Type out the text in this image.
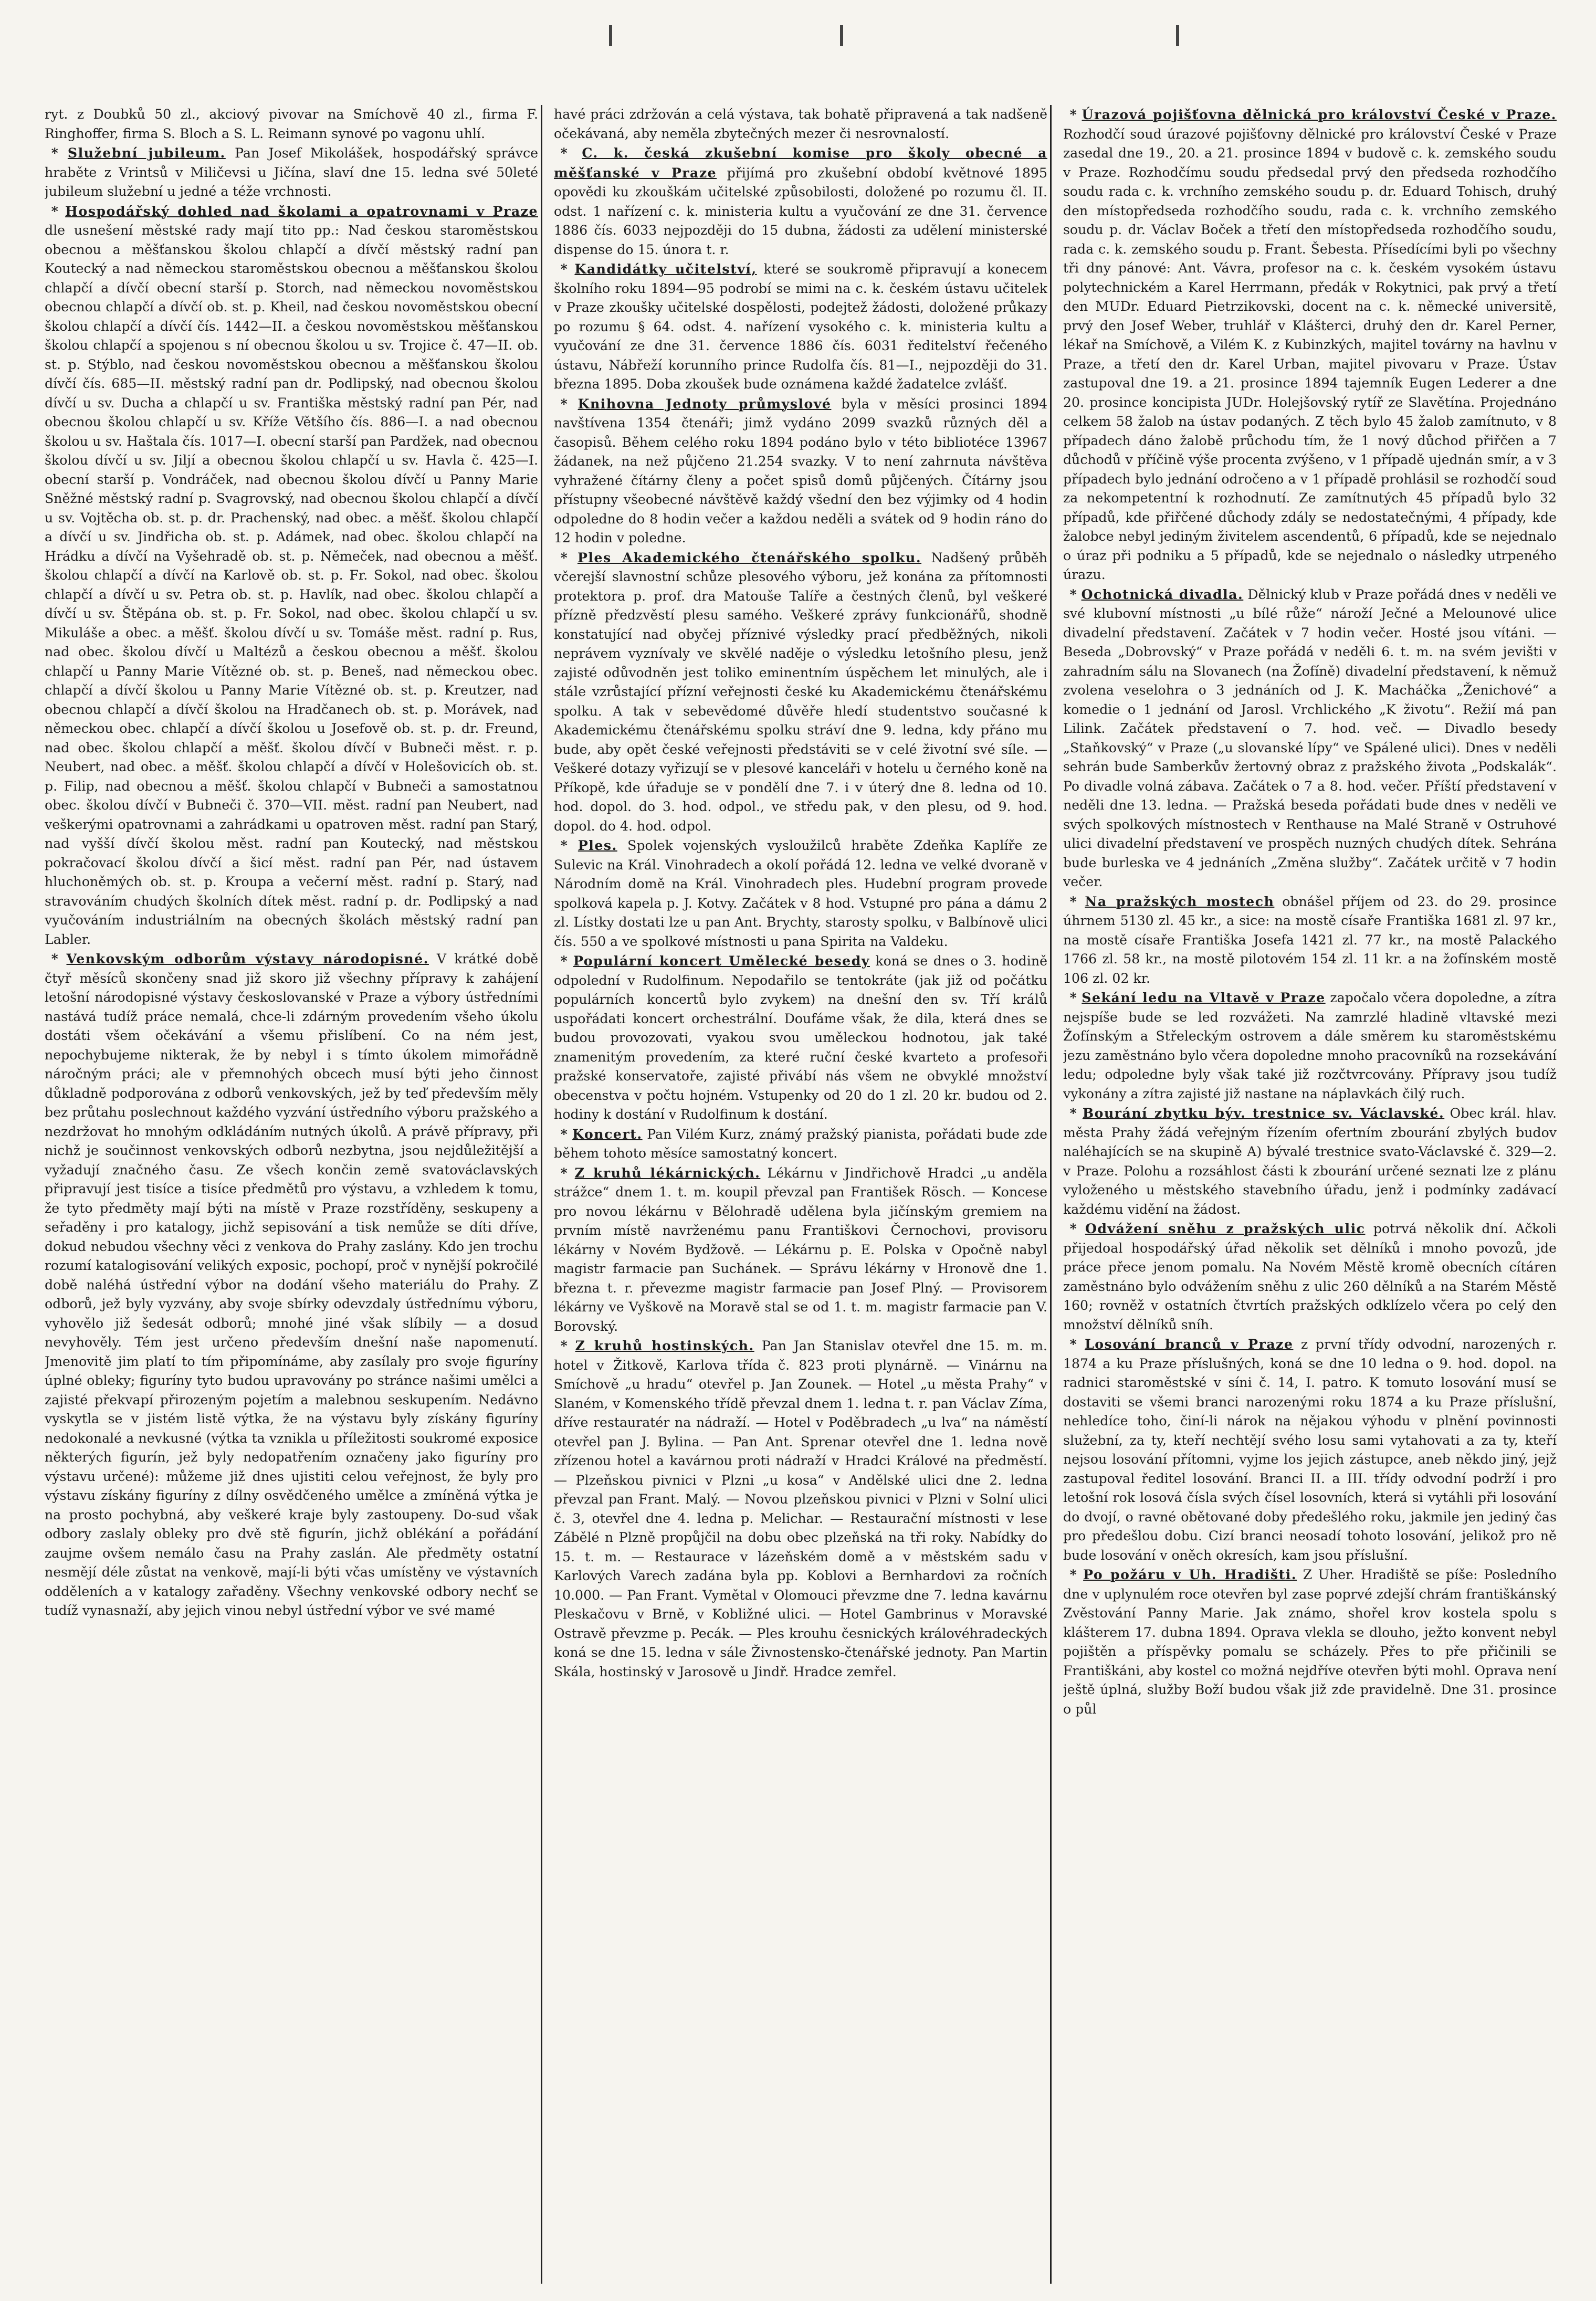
ryt. z Doubků 50 zl., akciový pivovar na Smíchově 40 zl., firma F. Ringhoffer, firma S. Bloch a S. L. Reimann synové po vagonu uhlí.

 * Služební jubileum. Pan Josef Mikolášek, hospodářský správce hraběte z Vrintsů v Miličevsi u Jičína, slaví dne 15. ledna své 50leté jubileum služební u jedné a téže vrchnosti.

 * Hospodářský dohled nad školami a opatrovnami v Praze dle usnešení městské rady mají tito pp.: Nad českou staroměstskou obecnou a měšťanskou školou chlapčí a dívčí městský radní pan Koutecký a nad německou staroměstskou obecnou a měšťanskou školou chlapčí a dívčí obecní starší p. Storch, nad německou novoměstskou obecnou chlapčí a dívčí ob. st. p. Kheil, nad českou novoměstskou obecní školou chlapčí a dívčí čís. 1442—II. a českou novoměstskou měšťanskou školou chlapčí a spojenou s ní obecnou školou u sv. Trojice č. 47—II. ob. st. p. Stýblo, nad českou novoměstskou obecnou a měšťanskou školou dívčí čís. 685—II. městský radní pan dr. Podlipský, nad obecnou školou dívčí u sv. Ducha a chlapčí u sv. Františka městský radní pan Pér, nad obecnou školou chlapčí u sv. Kříže Většího čís. 886—I. a nad obecnou školou u sv. Haštala čís. 1017—I. obecní starší pan Pardžek, nad obecnou školou dívčí u sv. Jiljí a obecnou školou chlapčí u sv. Havla č. 425—I. obecní starší p. Vondráček, nad obecnou školou dívčí u Panny Marie Sněžné městský radní p. Svagrovský, nad obecnou školou chlapčí a dívčí u sv. Vojtěcha ob. st. p. dr. Prachenský, nad obec. a měšť. školou chlapčí a dívčí u sv. Jindřicha ob. st. p. Adámek, nad obec. školou chlapčí na Hrádku a dívčí na Vyšehradě ob. st. p. Němeček, nad obecnou a měšť. školou chlapčí a dívčí na Karlově ob. st. p. Fr. Sokol, nad obec. školou chlapčí a dívčí u sv. Petra ob. st. p. Havlík, nad obec. školou chlapčí a dívčí u sv. Štěpána ob. st. p. Fr. Sokol, nad obec. školou chlapčí u sv. Mikuláše a obec. a měšť. školou dívčí u sv. Tomáše měst. radní p. Rus, nad obec. školou dívčí u Maltézů a českou obecnou a měšť. školou chlapčí u Panny Marie Vítězné ob. st. p. Beneš, nad německou obec. chlapčí a dívčí školou u Panny Marie Vítězné ob. st. p. Kreutzer, nad obecnou chlapčí a dívčí školou na Hradčanech ob. st. p. Morávek, nad německou obec. chlapčí a dívčí školou u Josefově ob. st. p. dr. Freund, nad obec. školou chlapčí a měšť. školou dívčí v Bubneči měst. r. p. Neubert, nad obec. a měšť. školou chlapčí a dívčí v Holešovicích ob. st. p. Filip, nad obecnou a měšť. školou chlapčí v Bubneči a samostatnou obec. školou dívčí v Bubneči č. 370—VII. měst. radní pan Neubert, nad veškerými opatrovnami a zahrádkami u opatroven měst. radní pan Starý, nad vyšší dívčí školou měst. radní pan Koutecký, nad městskou pokračovací školou dívčí a šicí měst. radní pan Pér, nad ústavem hluchoněmých ob. st. p. Kroupa a večerní měst. radní p. Starý, nad stravováním chudých školních dítek měst. radní p. dr. Podlipský a nad vyučováním industriálním na obecných školách městský radní pan Labler.

 * Venkovským odborům výstavy národopisné. V krátké době čtyř měsíců skončeny snad již skoro již všechny přípravy k zahájení letošní národopisné výstavy českoslovanské v Praze a výbory ústředními nastává tudíž práce nemalá, chce-li zdárným provedením všeho úkolu dostáti všem očekávání a všemu přislíbení. Co na ném jest, nepochybujeme nikterak, že by nebyl i s tímto úkolem mimořádně náročným práci; ale v přemnohých obcech musí býti jeho činnost důkladně podporována z odborů venkovských, jež by teď především měly bez průtahu poslechnout každého vyzvání ústředního výboru pražského a nezdržovat ho mnohým odkládáním nutných úkolů. A právě přípravy, při nichž je součinnost venkovských odborů nezbytna, jsou nejdůležitější a vyžadují značného času. Ze všech končin země svatováclavských připravují jest tisíce a tisíce předmětů pro výstavu, a vzhledem k tomu, že tyto předměty mají býti na místě v Praze rozstříděny, seskupeny a seřaděny i pro katalogy, jichž sepisování a tisk nemůže se díti dříve, dokud nebudou všechny věci z venkova do Prahy zaslány. Kdo jen trochu rozumí katalogisování velikých exposic, pochopí, proč v nynější pokročilé době naléhá ústřední výbor na dodání všeho materiálu do Prahy. Z odborů, jež byly vyzvány, aby svoje sbírky odevzdaly ústřednímu výboru, vyhovělo již šedesát odborů; mnohé jiné však slíbily — a dosud nevyhověly. Tém jest určeno především dnešní naše napomenutí. Jmenovitě jim platí to tím připomínáme, aby zasílaly pro svoje figuríny úplné obleky; figuríny tyto budou upravovány po stránce našimi umělci a zajisté překvapí přirozeným pojetím a malebnou seskupením. Nedávno vyskytla se v jistém listě výtka, že na výstavu byly získány figuríny nedokonalé a nevkusné (výtka ta vznikla u příležitosti soukromé exposice některých figurín, jež byly nedopatřením označeny jako figuríny pro výstavu určené): můžeme již dnes ujistiti celou veřejnost, že byly pro výstavu získány figuríny z dílny osvědčeného umělce a zmíněná výtka je na prosto pochybná, aby veškeré kraje byly zastoupeny. Do-sud však odbory zaslaly obleky pro dvě stě figurín, jichž oblékání a pořádání zaujme ovšem nemálo času na Prahy zaslán. Ale předměty ostatní nesmějí déle zůstat na venkově, mají-li býti včas umístěny ve výstavních odděleních a v katalogy zařaděny. Všechny venkovské odbory nechť se tudíž vynasnaží, aby jejich vinou nebyl ústřední výbor ve své mamé

havé práci zdržován a celá výstava, tak bohatě připravená a tak nadšeně očekávaná, aby neměla zbytečných mezer či nesrovnalostí.

 * C. k. česká zkušební komise pro školy obecné a měšťanské v Praze přijímá pro zkušební období květnové 1895 opovědi ku zkouškám učitelské způsobilosti, doložené po rozumu čl. II. odst. 1 nařízení c. k. ministeria kultu a vyučování ze dne 31. července 1886 čís. 6033 nejpozději do 15 dubna, žádosti za udělení ministerské dispense do 15. února t. r.

 * Kandidátky učitelství, které se soukromě připravují a konecem školního roku 1894—95 podrobí se mimi na c. k. českém ústavu učitelek v Praze zkoušky učitelské dospělosti, podejtež žádosti, doložené průkazy po rozumu § 64. odst. 4. nařízení vysokého c. k. ministeria kultu a vyučování ze dne 31. července 1886 čís. 6031 ředitelství řečeného ústavu, Nábřeží korunního prince Rudolfa čís. 81—I., nejpozději do 31. března 1895. Doba zkoušek bude oznámena každé žadatelce zvlášť.

 * Knihovna Jednoty průmyslové byla v měsíci prosinci 1894 navštívena 1354 čtenáři; jimž vydáno 2099 svazků různých děl a časopisů. Během celého roku 1894 podáno bylo v této bibliotéce 13967 žádanek, na než půjčeno 21.254 svazky. V to není zahrnuta návštěva vyhražené čítárny členy a počet spisů domů půjčených. Čítárny jsou přístupny všeobecné návštěvě každý všední den bez výjimky od 4 hodin odpoledne do 8 hodin večer a každou neděli a svátek od 9 hodin ráno do 12 hodin v poledne.

 * Ples Akademického čtenářského spolku. Nadšený průběh včerejší slavnostní schůze plesového výboru, jež konána za přítomnosti protektora p. prof. dra Matouše Talíře a čestných členů, byl veškeré přízně předzvěstí plesu samého. Veškeré zprávy funkcionářů, shodně konstatující nad obyčej příznivé výsledky prací předběžných, nikoli neprávem vyznívaly ve skvělé naděje o výsledku letošního plesu, jenž zajisté odůvodněn jest toliko eminentním úspěchem let minulých, ale i stále vzrůstající přízní veřejnosti české ku Akademickému čtenářskému spolku. A tak v sebevědomé důvěře hledí studentstvo současné k Akademickému čtenářskému spolku stráví dne 9. ledna, kdy přáno mu bude, aby opět české veřejnosti předstáviti se v celé životní své síle. — Veškeré dotazy vyřizují se v plesové kanceláři v hotelu u černého koně na Příkopě, kde úřaduje se v pondělí dne 7. i v úterý dne 8. ledna od 10. hod. dopol. do 3. hod. odpol., ve středu pak, v den plesu, od 9. hod. dopol. do 4. hod. odpol.

 * Ples. Spolek vojenských vysloužilců hraběte Zdeňka Kaplíře ze Sulevic na Král. Vinohradech a okolí pořádá 12. ledna ve velké dvoraně v Národním domě na Král. Vinohradech ples. Hudební program provede spolková kapela p. J. Kotvy. Začátek v 8 hod. Vstupné pro pána a dámu 2 zl. Lístky dostati lze u pan Ant. Brychty, starosty spolku, v Balbínově ulici čís. 550 a ve spolkové místnosti u pana Spirita na Valdeku.

 * Populární koncert Umělecké besedy koná se dnes o 3. hodině odpolední v Rudolfinum. Nepodařilo se tentokráte (jak již od počátku populárních koncertů bylo zvykem) na dnešní den sv. Tří králů uspořádati koncert orchestrální. Doufáme však, že dila, která dnes se budou provozovati, vyakou svou uměleckou hodnotou, jak také znamenitým provedením, za které ruční české kvarteto a profesoři pražské konservatoře, zajisté přivábí nás všem ne obvyklé množství obecenstva v počtu hojném. Vstupenky od 20 do 1 zl. 20 kr. budou od 2. hodiny k dostání v Rudolfinum k dostání.

 * Koncert. Pan Vilém Kurz, známý pražský pianista, pořádati bude zde během tohoto měsíce samostatný koncert.

 * Z kruhů lékárnických. Lékárnu v Jindřichově Hradci „u anděla strážce“ dnem 1. t. m. koupil převzal pan František Rösch. — Koncese pro novou lékárnu v Bělohradě udělena byla jičínským gremiem na prvním místě navrženému panu Františkovi Černochovi, provisoru lékárny v Novém Bydžově. — Lékárnu p. E. Polska v Opočně nabyl magistr farmacie pan Suchánek. — Správu lékárny v Hronově dne 1. března t. r. převezme magistr farmacie pan Josef Plný. — Provisorem lékárny ve Vyškově na Moravě stal se od 1. t. m. magistr farmacie pan V. Borovský.

 * Z kruhů hostinských. Pan Jan Stanislav otevřel dne 15. m. m. hotel v Žitkově, Karlova třída č. 823 proti plynárně. — Vinárnu na Smíchově „u hradu“ otevřel p. Jan Zounek. — Hotel „u města Prahy“ v Slaném, v Komenského třídě převzal dnem 1. ledna t. r. pan Václav Zíma, dříve restauratér na nádraží. — Hotel v Poděbradech „u lva“ na náměstí otevřel pan J. Bylina. — Pan Ant. Sprenar otevřel dne 1. ledna nově zřízenou hotel a kavárnou proti nádraží v Hradci Králové na předměstí. — Plzeňskou pivnici v Plzni „u kosa“ v Andělské ulici dne 2. ledna převzal pan Frant. Malý. — Novou plzeňskou pivnici v Plzni v Solní ulici č. 3, otevřel dne 4. ledna p. Melichar. — Restaurační místnosti v lese Zábělé n Plzně propůjčil na dobu obec plzeňská na tři roky. Nabídky do 15. t. m. — Restaurace v lázeňském domě a v městském sadu v Karlových Varech zadána byla pp. Koblovi a Bernhardovi za ročních 10.000. — Pan Frant. Vymětal v Olomouci převzme dne 7. ledna kavárnu Pleskačovu v Brně, v Kobližné ulici. — Hotel Gambrinus v Moravské Ostravě převzme p. Pecák. — Ples krouhu česnických královéhradeckých koná se dne 15. ledna v sále Živnostensko-čtenářské jednoty. Pan Martin Skála, hostinský v Jarosově u Jindř. Hradce zemřel.

 * Úrazová pojišťovna dělnická pro království České v Praze. Rozhodčí soud úrazové pojišťovny dělnické pro království České v Praze zasedal dne 19., 20. a 21. prosince 1894 v budově c. k. zemského soudu v Praze. Rozhodčímu soudu předsedal prvý den předseda rozhodčího soudu rada c. k. vrchního zemského soudu p. dr. Eduard Tohisch, druhý den místopředseda rozhodčího soudu, rada c. k. vrchního zemského soudu p. dr. Václav Boček a třetí den místopředseda rozhodčího soudu, rada c. k. zemského soudu p. Frant. Šebesta. Přísedícími byli po všechny tři dny pánové: Ant. Vávra, profesor na c. k. českém vysokém ústavu polytechnickém a Karel Herrmann, předák v Rokytnici, pak prvý a třetí den MUDr. Eduard Pietrzikovski, docent na c. k. německé universitě, prvý den Josef Weber, truhlář v Klášterci, druhý den dr. Karel Perner, lékař na Smíchově, a Vilém K. z Kubinzkých, majitel továrny na havlnu v Praze, a třetí den dr. Karel Urban, majitel pivovaru v Praze. Ústav zastupoval dne 19. a 21. prosince 1894 tajemník Eugen Lederer a dne 20. prosince koncipista JUDr. Holejšovský rytíř ze Slavětína. Projednáno celkem 58 žalob na ústav podaných. Z těch bylo 45 žalob zamítnuto, v 8 případech dáno žalobě průchodu tím, že 1 nový důchod přiřčen a 7 důchodů v příčině výše procenta zvýšeno, v 1 případě ujednán smír, a v 3 případech bylo jednání odročeno a v 1 případě prohlásil se rozhodčí soud za nekompetentní k rozhodnutí. Ze zamítnutých 45 případů bylo 32 případů, kde přiřčené důchody zdály se nedostatečnými, 4 případy, kde žalobce nebyl jediným živitelem ascendentů, 6 případů, kde se nejednalo o úraz při podniku a 5 případů, kde se nejednalo o následky utrpeného úrazu.

 * Ochotnická divadla. Dělnický klub v Praze pořádá dnes v neděli ve své klubovní místnosti „u bílé růže“ nároží Ječné a Melounové ulice divadelní představení. Začátek v 7 hodin večer. Hosté jsou vítáni. — Beseda „Dobrovský“ v Praze pořádá v neděli 6. t. m. na svém jevišti v zahradním sálu na Slovanech (na Žofíně) divadelní představení, k němuž zvolena veselohra o 3 jednáních od J. K. Macháčka „Ženichové“ a komedie o 1 jednání od Jarosl. Vrchlického „K životu“. Režií má pan Lilink. Začátek představení o 7. hod. več. — Divadlo besedy „Staňkovský“ v Praze („u slovanské lípy“ ve Spálené ulici). Dnes v neděli sehrán bude Samberkův žertovný obraz z pražského života „Podskalák“. Po divadle volná zábava. Začátek o 7 a 8. hod. večer. Příští představení v neděli dne 13. ledna. — Pražská beseda pořádati bude dnes v neděli ve svých spolkových místnostech v Renthause na Malé Straně v Ostruhové ulici divadelní představení ve prospěch nuzných chudých dítek. Sehrána bude burleska ve 4 jednáních „Změna služby“. Začátek určitě v 7 hodin večer.

 * Na pražských mostech obnášel příjem od 23. do 29. prosince úhrnem 5130 zl. 45 kr., a sice: na mostě císaře Františka 1681 zl. 97 kr., na mostě císaře Františka Josefa 1421 zl. 77 kr., na mostě Palackého 1766 zl. 58 kr., na mostě pilotovém 154 zl. 11 kr. a na žofínském mostě 106 zl. 02 kr.

 * Sekání ledu na Vltavě v Praze započalo včera dopoledne, a zítra nejspíše bude se led rozvážeti. Na zamrzlé hladině vltavské mezi Žofínským a Střeleckým ostrovem a dále směrem ku staroměstskému jezu zaměstnáno bylo včera dopoledne mnoho pracovníků na rozsekávání ledu; odpoledne byly však také již rozčtvrcovány. Přípravy jsou tudíž vykonány a zítra zajisté již nastane na náplavkách čilý ruch.

 * Bourání zbytku býv. trestnice sv. Václavské. Obec král. hlav. města Prahy žádá veřejným řízením ofertním zbourání zbylých budov naléhajících se na skupině A) bývalé trestnice svato-Václavské č. 329—2. v Praze. Polohu a rozsáhlost části k zbourání určené seznati lze z plánu vyloženého u městského stavebního úřadu, jenž i podmínky zadávací každému vidění na žádost.

 * Odvážení sněhu z pražských ulic potrvá několik dní. Ačkoli přijedoal hospodářský úřad několik set dělníků i mnoho povozů, jde práce přece jenom pomalu. Na Novém Městě kromě obecních cítáren zaměstnáno bylo odvážením sněhu z ulic 260 dělníků a na Starém Městě 160; rovněž v ostatních čtvrtích pražských odklízelo včera po celý den množství dělníků sníh.

 * Losování branců v Praze z první třídy odvodní, narozených r. 1874 a ku Praze příslušných, koná se dne 10 ledna o 9. hod. dopol. na radnici staroměstské v síni č. 14, I. patro. K tomuto losování musí se dostaviti se všemi branci narozenými roku 1874 a ku Praze příslušní, nehledíce toho, činí-li nárok na nějakou výhodu v plnění povinnosti služební, za ty, kteří nechtějí svého losu sami vytahovati a za ty, kteří nejsou losování přítomni, vyjme los jejich zástupce, aneb někdo jiný, jejž zastupoval ředitel losování. Branci II. a III. třídy odvodní podrží i pro letošní rok losová čísla svých čísel losovních, která si vytáhli při losování do dvojí, o ravné obětované doby předešlého roku, jakmile jen jediný čas pro předešlou dobu. Cizí branci neosadí tohoto losování, jelikož pro ně bude losování v oněch okresích, kam jsou příslušní.

 * Po požáru v Uh. Hradišti. Z Uher. Hradiště se píše: Posledního dne v uplynulém roce otevřen byl zase poprvé zdejší chrám františkánský Zvěstování Panny Marie. Jak známo, shořel krov kostela spolu s klášterem 17. dubna 1894. Oprava vlekla se dlouho, ježto konvent nebyl pojištěn a příspěvky pomalu se scházely. Přes to pře přičinili se Františkáni, aby kostel co možná nejdříve otevřen býti mohl. Oprava není ještě úplná, služby Boží budou však již zde pravidelně. Dne 31. prosince o půl
